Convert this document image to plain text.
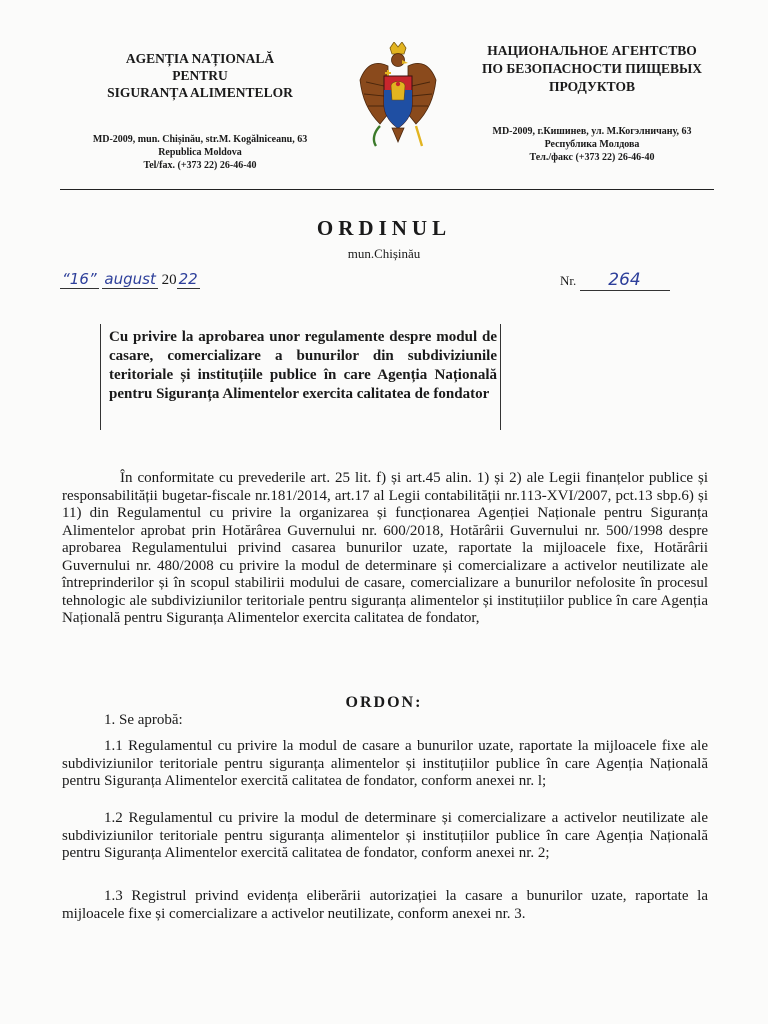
AGENȚIA NAȚIONALĂ
PENTRU
SIGURANȚA ALIMENTELOR
MD-2009, mun. Chișinău, str.M. Kogălniceanu, 63
Republica Moldova
Tel/fax. (+373 22) 26-46-40
НАЦИОНАЛЬНОЕ АГЕНТСТВО
ПО БЕЗОПАСНОСТИ ПИЩЕВЫХ
ПРОДУКТОВ
MD-2009, г.Кишинев, ул. М.Когэлничану, 63
Республика Молдова
Тел./факс (+373 22) 26-46-40
ORDINUL
mun.Chișinău
“16” august 20 22	Nr. 264
Cu privire la aprobarea unor regulamente despre modul de casare, comercializare a bunurilor din subdiviziunile teritoriale și instituțiile publice în care Agenția Națională pentru Siguranța Alimentelor exercita calitatea de fondator
În conformitate cu prevederile art. 25 lit. f) și art.45 alin. 1) și 2) ale Legii finanțelor publice și responsabilității bugetar-fiscale nr.181/2014, art.17 al Legii contabilității nr.113-XVI/2007, pct.13 sbp.6) și 11) din Regulamentul cu privire la organizarea și funcționarea Agenției Naționale pentru Siguranța Alimentelor aprobat prin Hotărârea Guvernului nr. 600/2018, Hotărârii Guvernului nr. 500/1998 despre aprobarea Regulamentului privind casarea bunurilor uzate, raportate la mijloacele fixe, Hotărârii Guvernului nr. 480/2008 cu privire la modul de determinare și comercializare a activelor neutilizate ale întreprinderilor și în scopul stabilirii modului de casare, comercializare a bunurilor nefolosite în procesul tehnologic ale subdiviziunilor teritoriale pentru siguranța alimentelor și instituțiilor publice în care Agenția Națională pentru Siguranța Alimentelor exercita calitatea de fondator,
ORDON:
1. Se aprobă:
1.1 Regulamentul cu privire la modul de casare a bunurilor uzate, raportate la mijloacele fixe ale subdiviziunilor teritoriale pentru siguranța alimentelor și instituțiilor publice în care Agenția Națională pentru Siguranța Alimentelor exercită calitatea de fondator, conform anexei nr. l;
1.2 Regulamentul cu privire la modul de determinare și comercializare a activelor neutilizate ale subdiviziunilor teritoriale pentru siguranța alimentelor și instituțiilor publice în care Agenția Națională pentru Siguranța Alimentelor exercită calitatea de fondator, conform anexei nr. 2;
1.3 Registrul privind evidența eliberării autorizației la casare a bunurilor uzate, raportate la mijloacele fixe și comercializare a activelor neutilizate, conform anexei nr. 3.
